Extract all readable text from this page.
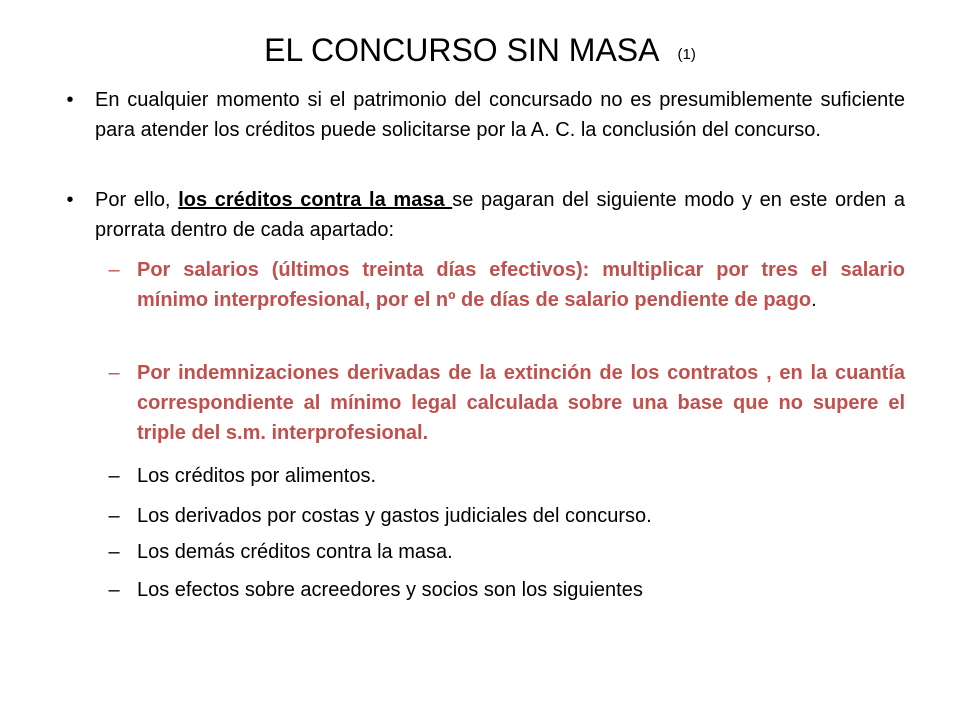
EL CONCURSO SIN MASA (1)
•	En cualquier momento si el patrimonio del concursado no es presumiblemente suficiente para atender los créditos puede solicitarse por la A. C. la conclusión del concurso.
•	Por ello, los créditos contra la masa se pagaran del siguiente modo y en este orden a prorrata dentro de cada apartado:
– Por salarios (últimos treinta días efectivos): multiplicar por tres el salario mínimo interprofesional, por el nº de días de salario pendiente de pago.
– Por indemnizaciones derivadas de la extinción de los contratos , en la cuantía correspondiente al mínimo legal calculada sobre una base que no supere el triple del s.m. interprofesional.
– Los créditos por alimentos.
– Los derivados por costas y gastos judiciales del concurso.
– Los demás créditos contra la masa.
– Los efectos sobre acreedores y socios son los siguientes
